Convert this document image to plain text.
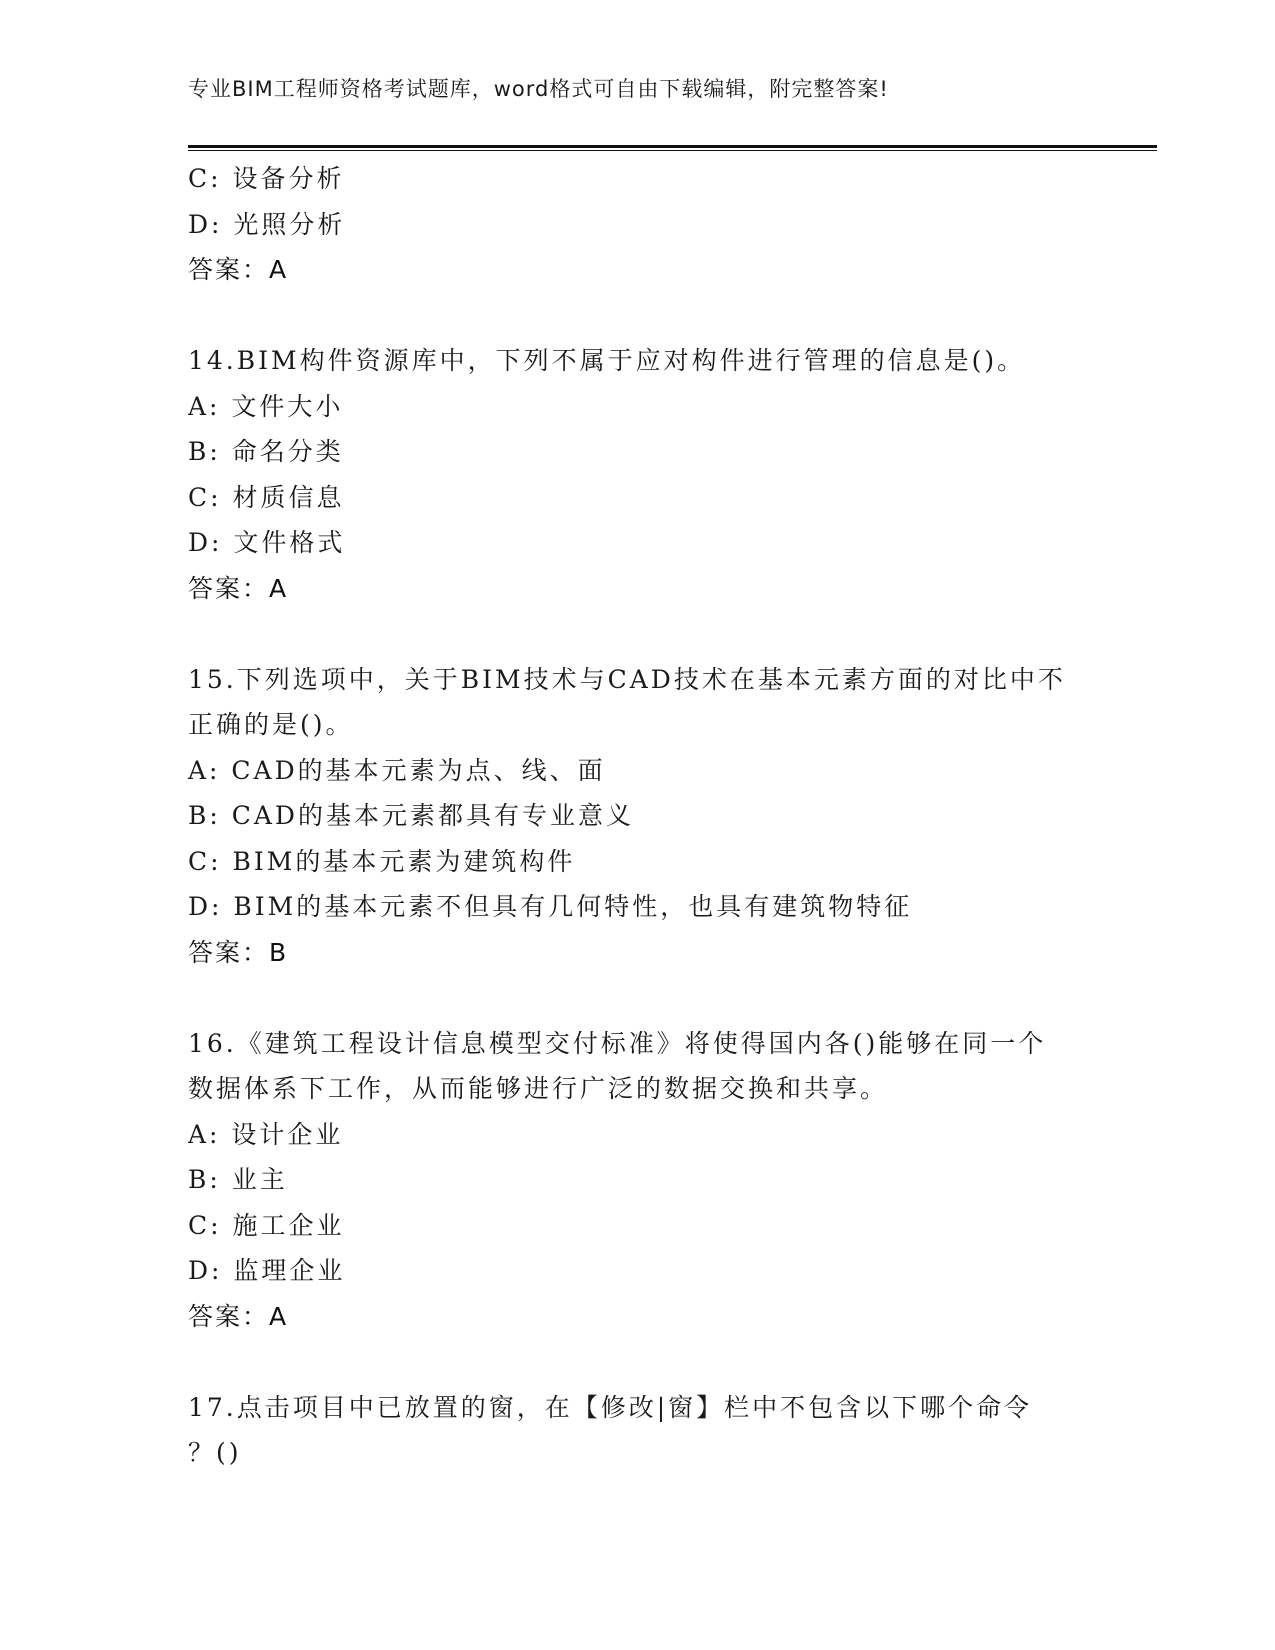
专业BIM工程师资格考试题库，word格式可自由下载编辑，附完整答案!
C: 设备分析
D: 光照分析
答案：A
14.BIM构件资源库中，下列不属于应对构件进行管理的信息是()。
A: 文件大小
B: 命名分类
C: 材质信息
D: 文件格式
答案：A
15.下列选项中，关于BIM技术与CAD技术在基本元素方面的对比中不
正确的是()。
A: CAD的基本元素为点、线、面
B: CAD的基本元素都具有专业意义
C: BIM的基本元素为建筑构件
D: BIM的基本元素不但具有几何特性，也具有建筑物特征
答案：B
16.《建筑工程设计信息模型交付标准》将使得国内各()能够在同一个
数据体系下工作，从而能够进行广泛的数据交换和共享。
A: 设计企业
B: 业主
C: 施工企业
D: 监理企业
答案：A
17.点击项目中已放置的窗，在【修改|窗】栏中不包含以下哪个命令
？()
